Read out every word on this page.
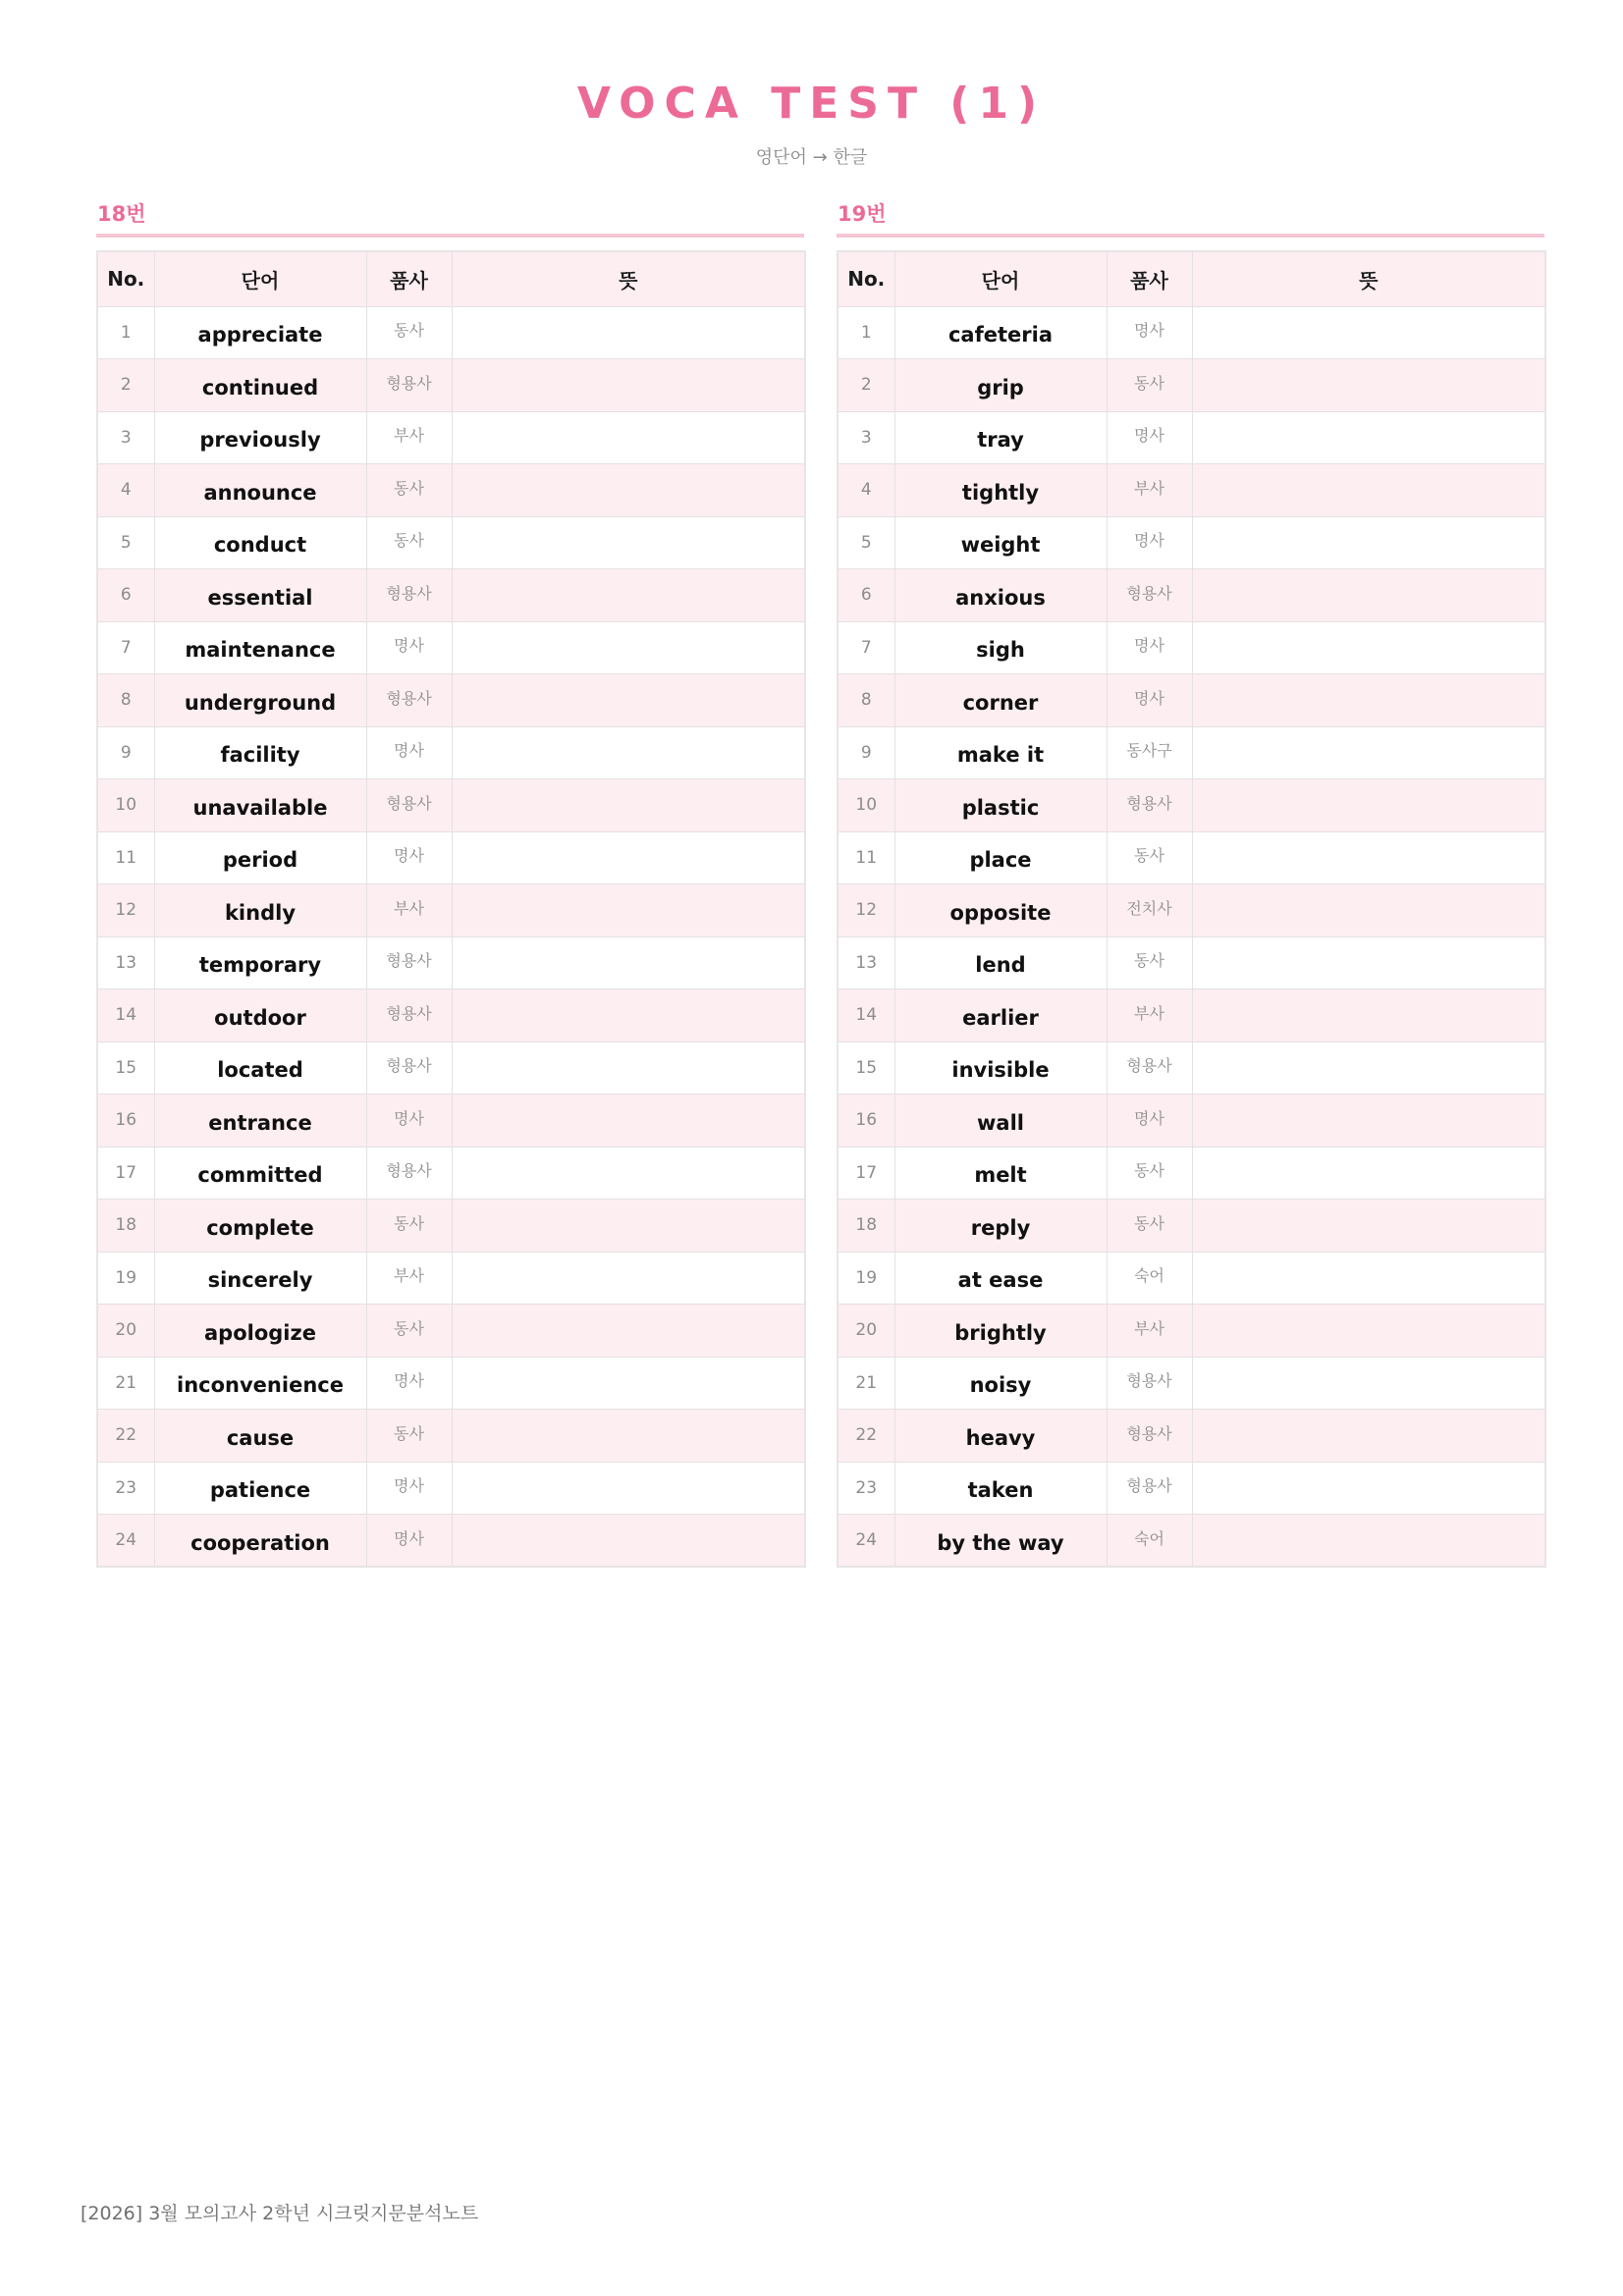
VOCA TEST (1)
영단어 → 한글
18번
No.	단어	품사	뜻
1	appreciate	동사	
2	continued	형용사	
3	previously	부사	
4	announce	동사	
5	conduct	동사	
6	essential	형용사	
7	maintenance	명사	
8	underground	형용사	
9	facility	명사	
10	unavailable	형용사	
11	period	명사	
12	kindly	부사	
13	temporary	형용사	
14	outdoor	형용사	
15	located	형용사	
16	entrance	명사	
17	committed	형용사	
18	complete	동사	
19	sincerely	부사	
20	apologize	동사	
21	inconvenience	명사	
22	cause	동사	
23	patience	명사	
24	cooperation	명사	
19번
No.	단어	품사	뜻
1	cafeteria	명사	
2	grip	동사	
3	tray	명사	
4	tightly	부사	
5	weight	명사	
6	anxious	형용사	
7	sigh	명사	
8	corner	명사	
9	make it	동사구	
10	plastic	형용사	
11	place	동사	
12	opposite	전치사	
13	lend	동사	
14	earlier	부사	
15	invisible	형용사	
16	wall	명사	
17	melt	동사	
18	reply	동사	
19	at ease	숙어	
20	brightly	부사	
21	noisy	형용사	
22	heavy	형용사	
23	taken	형용사	
24	by the way	숙어	
[2026] 3월 모의고사 2학년 시크릿지문분석노트
